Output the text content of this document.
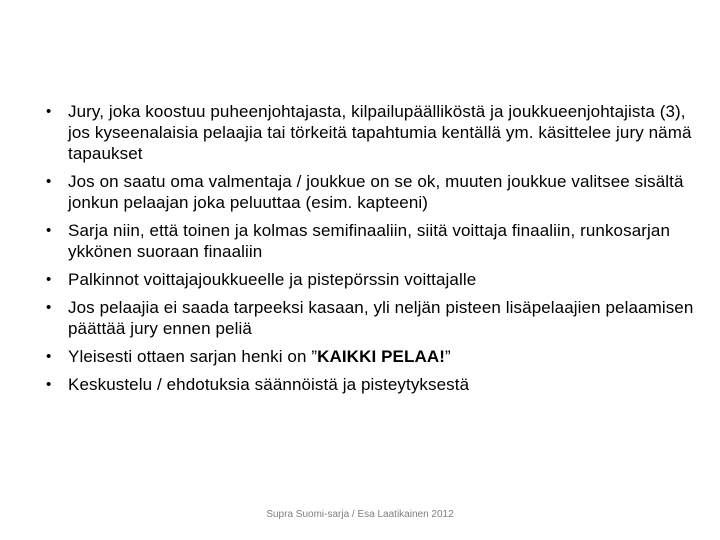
• Jury, joka koostuu puheenjohtajasta, kilpailupäälliköstä ja joukkueenjohtajista (3), jos kyseenalaisia pelaajia tai törkeitä tapahtumia kentällä ym. käsittelee jury nämä tapaukset
• Jos on saatu oma valmentaja / joukkue on se ok, muuten joukkue valitsee sisältä jonkun pelaajan joka peluuttaa (esim. kapteeni)
• Sarja niin, että toinen ja kolmas semifinaaliin, siitä voittaja finaaliin, runkosarjan ykkönen suoraan finaaliin
• Palkinnot voittajajoukkueelle ja pistepörssin voittajalle
• Jos pelaajia ei saada tarpeeksi kasaan, yli neljän pisteen lisäpelaajien pelaamisen päättää jury ennen peliä
• Yleisesti ottaen sarjan henki on ”KAIKKI PELAA!”
• Keskustelu / ehdotuksia säännöistä ja pisteytyksestä
Supra Suomi-sarja / Esa Laatikainen 2012
